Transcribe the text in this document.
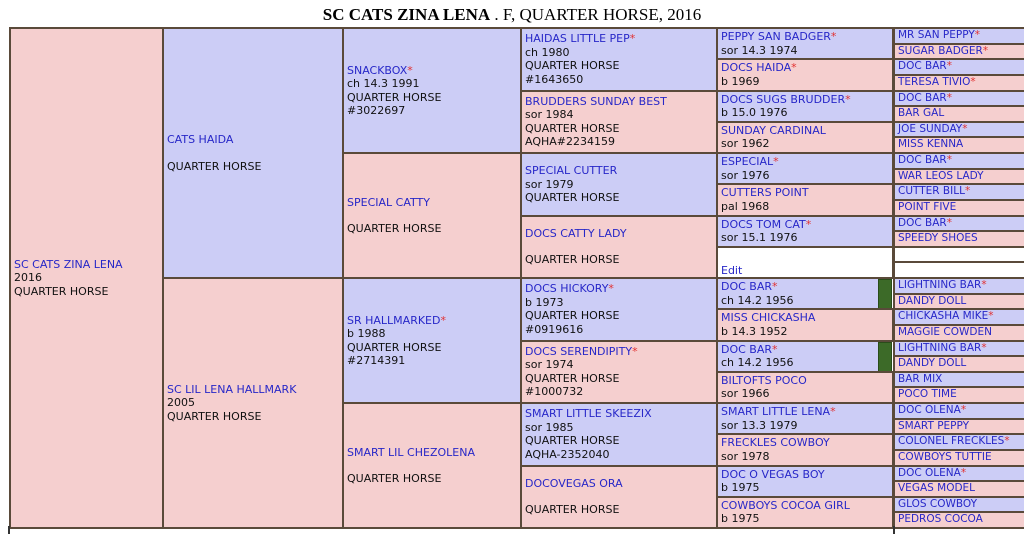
SC CATS ZINA LENA . F, QUARTER HORSE, 2016
SC CATS ZINA LENA
2016
QUARTER HORSE
CATS HAIDA
QUARTER HORSE
SC LIL LENA HALLMARK
2005
QUARTER HORSE
SNACKBOX*
ch 14.3 1991
QUARTER HORSE
#3022697
SPECIAL CATTY
QUARTER HORSE
SR HALLMARKED*
b 1988
QUARTER HORSE
#2714391
SMART LIL CHEZOLENA
QUARTER HORSE
HAIDAS LITTLE PEP*
ch 1980
QUARTER HORSE
#1643650
BRUDDERS SUNDAY BEST
sor 1984
QUARTER HORSE
AQHA#2234159
SPECIAL CUTTER
sor 1979
QUARTER HORSE
DOCS CATTY LADY
QUARTER HORSE
DOCS HICKORY*
b 1973
QUARTER HORSE
#0919616
DOCS SERENDIPITY*
sor 1974
QUARTER HORSE
#1000732
SMART LITTLE SKEEZIX
sor 1985
QUARTER HORSE
AQHA-2352040
DOCOVEGAS ORA
QUARTER HORSE
PEPPY SAN BADGER*
sor 14.3 1974
DOCS HAIDA*
b 1969
DOCS SUGS BRUDDER*
b 15.0 1976
SUNDAY CARDINAL
sor 1962
ESPECIAL*
sor 1976
CUTTERS POINT
pal 1968
DOCS TOM CAT*
sor 15.1 1976
Edit
DOC BAR*
ch 14.2 1956
MISS CHICKASHA
b 14.3 1952
DOC BAR*
ch 14.2 1956
BILTOFTS POCO
sor 1966
SMART LITTLE LENA*
sor 13.3 1979
FRECKLES COWBOY
sor 1978
DOC O VEGAS BOY
b 1975
COWBOYS COCOA GIRL
b 1975
MR SAN PEPPY*
SUGAR BADGER*
DOC BAR*
TERESA TIVIO*
DOC BAR*
BAR GAL
JOE SUNDAY*
MISS KENNA
DOC BAR*
WAR LEOS LADY
CUTTER BILL*
POINT FIVE
DOC BAR*
SPEEDY SHOES
LIGHTNING BAR*
DANDY DOLL
CHICKASHA MIKE*
MAGGIE COWDEN
LIGHTNING BAR*
DANDY DOLL
BAR MIX
POCO TIME
DOC OLENA*
SMART PEPPY
COLONEL FRECKLES*
COWBOYS TUTTIE
DOC OLENA*
VEGAS MODEL
GLOS COWBOY
PEDROS COCOA
